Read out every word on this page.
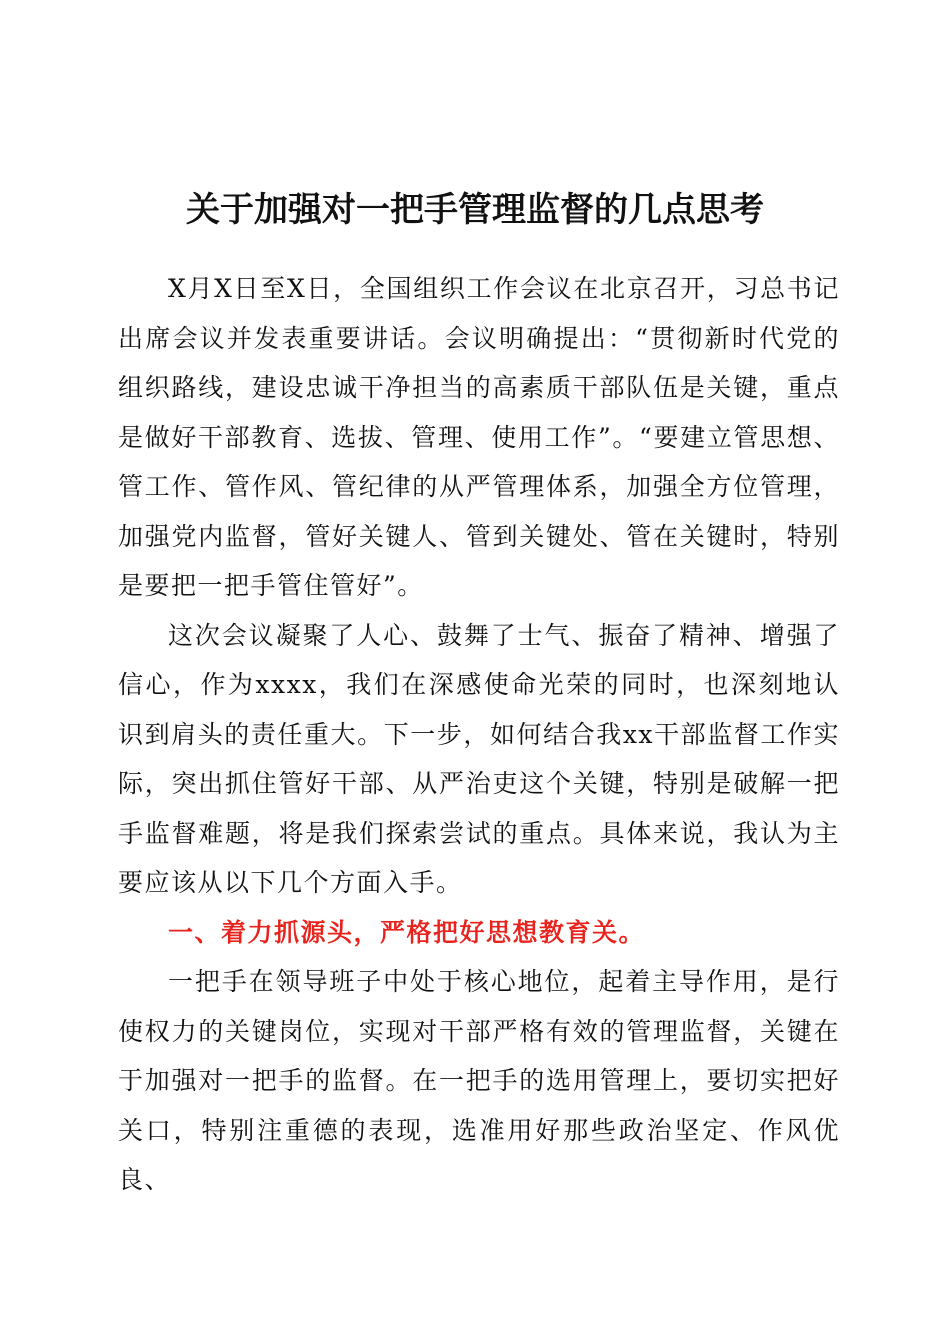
关于加强对一把手管理监督的几点思考

X月X日至X日，全国组织工作会议在北京召开，习总书记出席会议并发表重要讲话。会议明确提出：“贯彻新时代党的组织路线，建设忠诚干净担当的高素质干部队伍是关键，重点是做好干部教育、选拔、管理、使用工作”。“要建立管思想、管工作、管作风、管纪律的从严管理体系，加强全方位管理，加强党内监督，管好关键人、管到关键处、管在关键时，特别是要把一把手管住管好”。

这次会议凝聚了人心、鼓舞了士气、振奋了精神、增强了信心，作为xxxx，我们在深感使命光荣的同时，也深刻地认识到肩头的责任重大。下一步，如何结合我xx干部监督工作实际，突出抓住管好干部、从严治吏这个关键，特别是破解一把手监督难题，将是我们探索尝试的重点。具体来说，我认为主要应该从以下几个方面入手。

一、着力抓源头，严格把好思想教育关。

一把手在领导班子中处于核心地位，起着主导作用，是行使权力的关键岗位，实现对干部严格有效的管理监督，关键在于加强对一把手的监督。在一把手的选用管理上，要切实把好关口，特别注重德的表现，选准用好那些政治坚定、作风优良、
